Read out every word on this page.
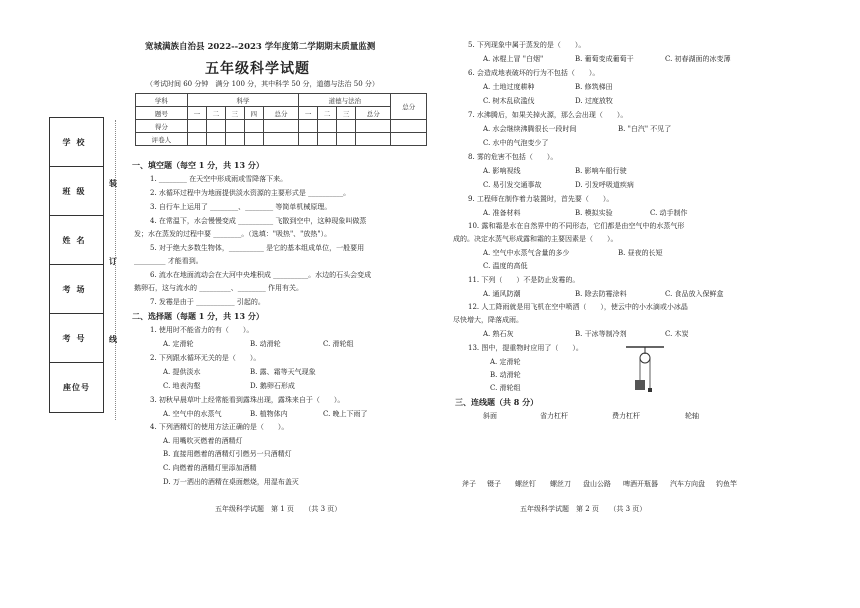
宽城满族自治县 2022--2023 学年度第二学期期末质量监测
五年级科学试题
（考试时间 60 分钟　满分 100 分，其中科学 50 分，道德与法治 50 分）
学科	科学					道德与法治				总分
题号	一	二	三	四	总分	一	二	三	总分	
得分										
评卷人										
学校
班级
姓名
考场
考号
座位号
装
订
线
一、填空题（每空 1 分，共 13 分）
1. ________ 在天空中形成雨或雪降落下来。
2. 水循环过程中为地面提供淡水资源的主要形式是 __________。
3. 自行车上运用了 ________、________ 等简单机械原理。
4. 在常温下，水会慢慢变成 __________ 飞散到空中，这种现象叫做蒸
发；水在蒸发的过程中要 ________。（选填："吸热"、"放热"）。
5. 对于绝大多数生物体，__________ 是它的基本组成单位，一般要用
_________ 才能看到。
6. 流水在地面流动会在大河中央堆积成 __________。水边的石头会变成
鹅卵石，这与流水的 _________、________ 作用有关。
7. 发霉是由于 ___________ 引起的。
二、选择题（每题 1 分，共 13 分）
1. 使用时不能省力的有（　　）。
A. 定滑轮	B. 动滑轮	C. 滑轮组
2. 下列跟水循环无关的是（　　）。
A. 提供淡水	B. 露、霜等天气现象
C. 地表沟壑	D. 鹅卵石形成
3. 初秋早晨草叶上经常能看到露珠出现，露珠来自于（　　）。
A. 空气中的水蒸气	B. 植物体内	C. 晚上下雨了
4. 下列酒精灯的使用方法正确的是（　　）。
A. 用嘴吹灭燃着的酒精灯
B. 直接用燃着的酒精灯引燃另一只酒精灯
C. 向燃着的酒精灯里添加酒精
D. 万一洒出的酒精在桌面燃烧，用湿布盖灭
五年级科学试题　第 1 页　　（共 3 页）
5. 下列现象中属于蒸发的是（　　）。
A. 冰棍上冒 "白烟"	B. 葡萄变成葡萄干	C. 初春湖面的冰变薄
6. 会造成地表破坏的行为不包括（　　）。
A. 土地过度耕种	B. 修筑梯田
C. 树木乱砍滥伐	D. 过度放牧
7. 水沸腾后，如果关掉火源，那么会出现（　　）。
A. 水会继续沸腾很长一段时间	B. "白汽" 不见了
C. 水中的气泡变少了
8. 雾的危害不包括（　　）。
A. 影响视线	B. 影响车船行驶
C. 易引发交通事故	D. 引发呼吸道疾病
9. 工程师在制作着力装置时，首先要（　　）。
A. 准备材料	B. 模拟实验	C. 动手制作
10. 露和霜是水在自然界中的不同形态，它们都是由空气中的水蒸气形
成的。决定水蒸气形成露和霜的主要因素是（　　）。
A. 空气中水蒸气含量的多少	B. 昼夜的长短
C. 温度的高低
11. 下列（　　）不是防止发霉的。
A. 通风防潮	B. 除去防霉涂料	C. 食品放入保鲜盒
12. 人工降雨就是用飞机在空中喷洒（　　），使云中的小水滴或小冰晶
尽快增大，降落成雨。
A. 熟石灰	B. 干冰等制冷剂	C. 木炭
13. 图中，提重物时应用了（　　）。
A. 定滑轮
B. 动滑轮
C. 滑轮组
三、连线题（共 8 分）
斜面	省力杠杆	费力杠杆	轮轴
斧子 镊子 螺丝钉 螺丝刀 盘山公路 啤酒开瓶器 汽车方向盘 钓鱼竿
五年级科学试题　第 2 页　　（共 3 页）
